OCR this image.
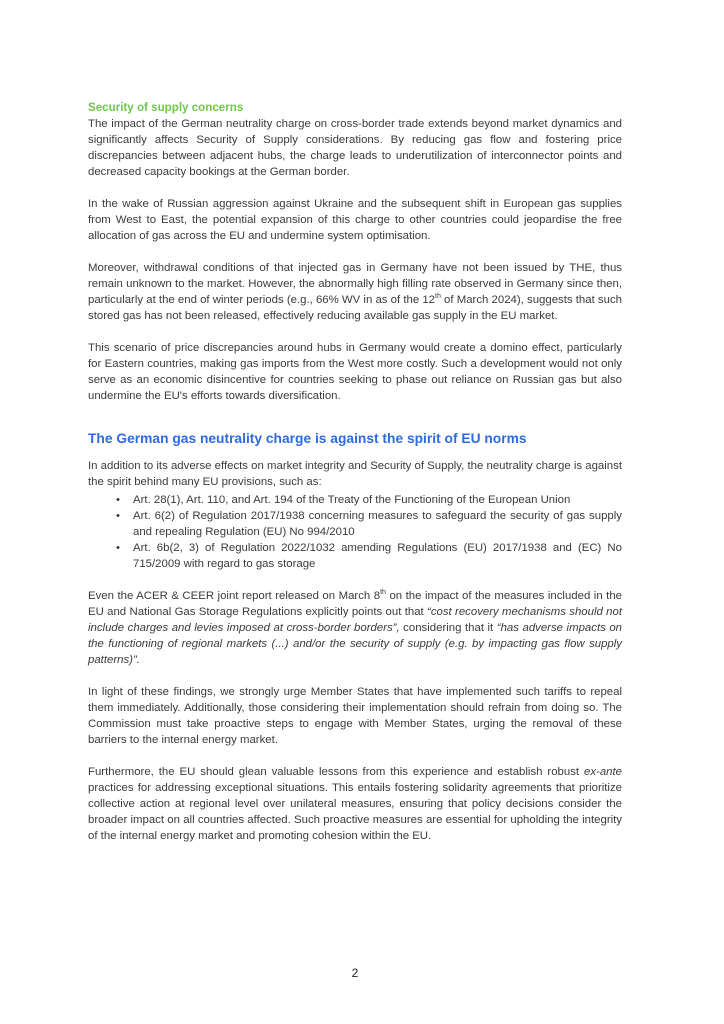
Security of supply concerns

The impact of the German neutrality charge on cross-border trade extends beyond market dynamics and significantly affects Security of Supply considerations. By reducing gas flow and fostering price discrepancies between adjacent hubs, the charge leads to underutilization of interconnector points and decreased capacity bookings at the German border.

In the wake of Russian aggression against Ukraine and the subsequent shift in European gas supplies from West to East, the potential expansion of this charge to other countries could jeopardise the free allocation of gas across the EU and undermine system optimisation.

Moreover, withdrawal conditions of that injected gas in Germany have not been issued by THE, thus remain unknown to the market. However, the abnormally high filling rate observed in Germany since then, particularly at the end of winter periods (e.g., 66% WV in as of the 12th of March 2024), suggests that such stored gas has not been released, effectively reducing available gas supply in the EU market.

This scenario of price discrepancies around hubs in Germany would create a domino effect, particularly for Eastern countries, making gas imports from the West more costly. Such a development would not only serve as an economic disincentive for countries seeking to phase out reliance on Russian gas but also undermine the EU's efforts towards diversification.

The German gas neutrality charge is against the spirit of EU norms

In addition to its adverse effects on market integrity and Security of Supply, the neutrality charge is against the spirit behind many EU provisions, such as:

• Art. 28(1), Art. 110, and Art. 194 of the Treaty of the Functioning of the European Union
• Art. 6(2) of Regulation 2017/1938 concerning measures to safeguard the security of gas supply and repealing Regulation (EU) No 994/2010
• Art. 6b(2, 3) of Regulation 2022/1032 amending Regulations (EU) 2017/1938 and (EC) No 715/2009 with regard to gas storage

Even the ACER & CEER joint report released on March 8th on the impact of the measures included in the EU and National Gas Storage Regulations explicitly points out that “cost recovery mechanisms should not include charges and levies imposed at cross-border borders”, considering that it “has adverse impacts on the functioning of regional markets (...) and/or the security of supply (e.g. by impacting gas flow supply patterns)”.

In light of these findings, we strongly urge Member States that have implemented such tariffs to repeal them immediately. Additionally, those considering their implementation should refrain from doing so. The Commission must take proactive steps to engage with Member States, urging the removal of these barriers to the internal energy market.

Furthermore, the EU should glean valuable lessons from this experience and establish robust ex-ante practices for addressing exceptional situations. This entails fostering solidarity agreements that prioritize collective action at regional level over unilateral measures, ensuring that policy decisions consider the broader impact on all countries affected. Such proactive measures are essential for upholding the integrity of the internal energy market and promoting cohesion within the EU.

2
